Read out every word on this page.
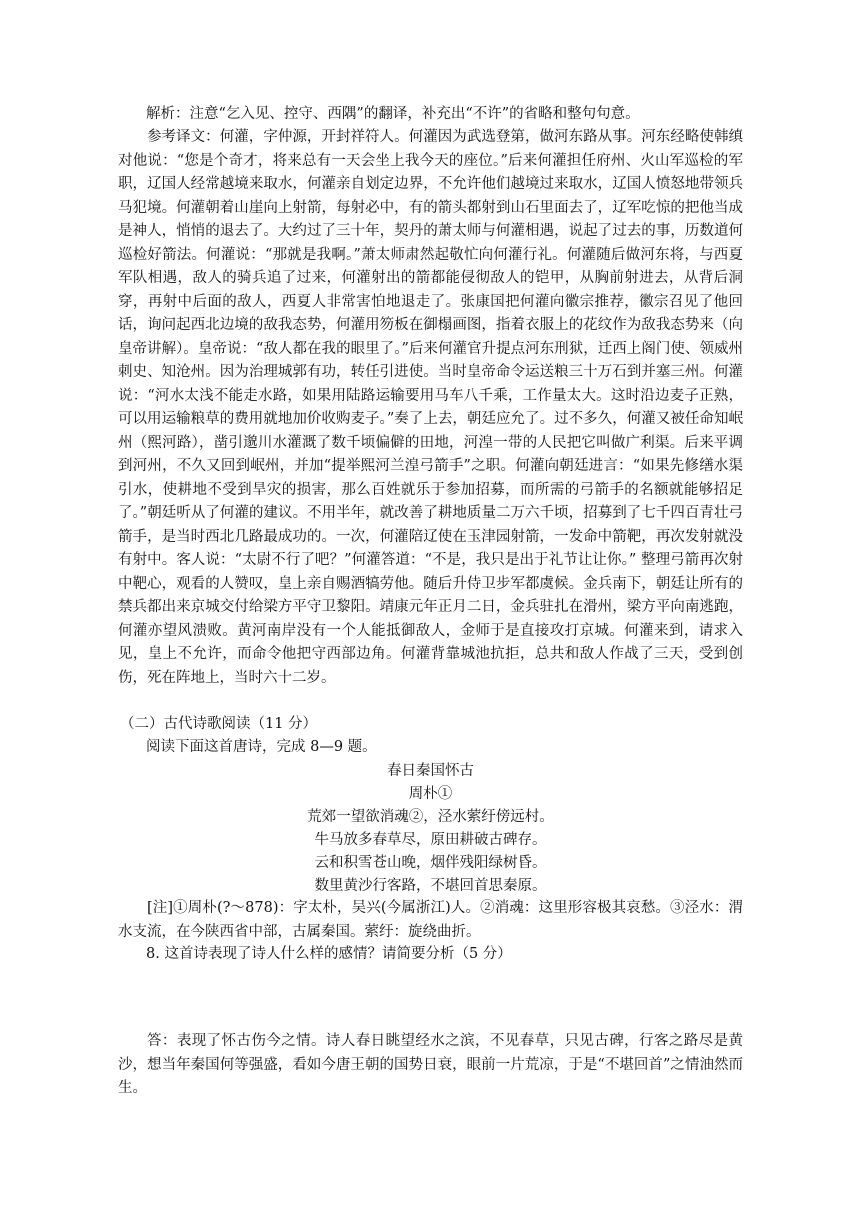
解析：注意“乞入见、控守、西隅”的翻译，补充出“不许”的省略和整句句意。
参考译文：何灌，字仲源，开封祥符人。何灌因为武选登第，做河东路从事。河东经略使韩缜对他说：“您是个奇才，将来总有一天会坐上我今天的座位。”后来何灌担任府州、火山军巡检的军职，辽国人经常越境来取水，何灌亲自划定边界，不允许他们越境过来取水，辽国人愤怒地带领兵马犯境。何灌朝着山崖向上射箭，每射必中，有的箭头都射到山石里面去了，辽军吃惊的把他当成是神人，悄悄的退去了。大约过了三十年，契丹的萧太师与何灌相遇，说起了过去的事，历数道何巡检好箭法。何灌说：“那就是我啊。”萧太师肃然起敬忙向何灌行礼。何灌随后做河东将，与西夏军队相遇，敌人的骑兵追了过来，何灌射出的箭都能侵彻敌人的铠甲，从胸前射进去，从背后洞穿，再射中后面的敌人，西夏人非常害怕地退走了。张康国把何灌向徽宗推荐，徽宗召见了他回话，询问起西北边境的敌我态势，何灌用笏板在御榻画图，指着衣服上的花纹作为敌我态势来（向皇帝讲解）。皇帝说：“敌人都在我的眼里了。”后来何灌官升提点河东刑狱，迁西上阁门使、领威州刺史、知沧州。因为治理城郭有功，转任引进使。当时皇帝命令运送粮三十万石到并塞三州。何灌说：“河水太浅不能走水路，如果用陆路运输要用马车八千乘，工作量太大。这时沿边麦子正熟，可以用运输粮草的费用就地加价收购麦子。”奏了上去，朝廷应允了。过不多久，何灌又被任命知岷州（熙河路），凿引邈川水灌溉了数千顷偏僻的田地，河湟一带的人民把它叫做广利渠。后来平调到河州，不久又回到岷州，并加“提举熙河兰湟弓箭手”之职。何灌向朝廷进言：“如果先修缮水渠引水，使耕地不受到旱灾的损害，那么百姓就乐于参加招募，而所需的弓箭手的名额就能够招足了。”朝廷听从了何灌的建议。不用半年，就改善了耕地质量二万六千顷，招募到了七千四百青壮弓箭手，是当时西北几路最成功的。一次，何灌陪辽使在玉津园射箭，一发命中箭靶，再次发射就没有射中。客人说：“太尉不行了吧？”何灌答道：“不是，我只是出于礼节让让你。” 整理弓箭再次射中靶心，观看的人赞叹，皇上亲自赐酒犒劳他。随后升侍卫步军都虞候。金兵南下，朝廷让所有的禁兵都出来京城交付给梁方平守卫黎阳。靖康元年正月二日，金兵驻扎在滑州，梁方平向南逃跑，何灌亦望风溃败。黄河南岸没有一个人能抵御敌人，金师于是直接攻打京城。何灌来到，请求入见，皇上不允许，而命令他把守西部边角。何灌背靠城池抗拒，总共和敌人作战了三天，受到创伤，死在阵地上，当时六十二岁。
（二）古代诗歌阅读（11 分）
阅读下面这首唐诗，完成 8—9 题。
春日秦国怀古
周朴①
荒郊一望欲消魂②，泾水萦纡傍远村。
牛马放多春草尽，原田耕破古碑存。
云和积雪苍山晚，烟伴残阳绿树昏。
数里黄沙行客路，不堪回首思秦原。
[注]①周朴(?～878)：字太朴，吴兴(今属浙江)人。②消魂：这里形容极其哀愁。③泾水：渭水支流，在今陕西省中部，古属秦国。萦纡：旋绕曲折。
8. 这首诗表现了诗人什么样的感情？请简要分析（5 分）
答：表现了怀古伤今之情。诗人春日眺望经水之滨，不见春草，只见古碑，行客之路尽是黄沙，想当年秦国何等强盛，看如今唐王朝的国势日衰，眼前一片荒凉，于是“不堪回首”之情油然而生。
